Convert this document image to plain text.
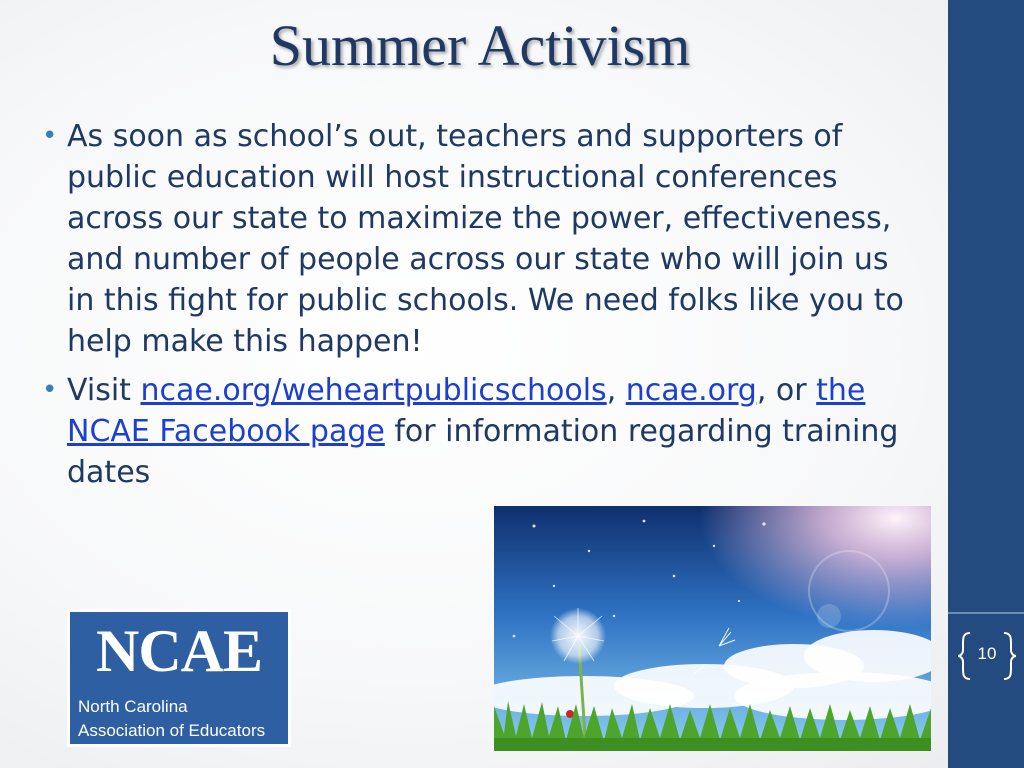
10
Summer Activism

• As soon as school’s out, teachers and supporters of public education will host instructional conferences across our state to maximize the power, effectiveness, and number of people across our state who will join us in this fight for public schools. We need folks like you to help make this happen!

• Visit ncae.org/weheartpublicschools, ncae.org, or the NCAE Facebook page for information regarding training dates

NCAE
North Carolina
Association of Educators
